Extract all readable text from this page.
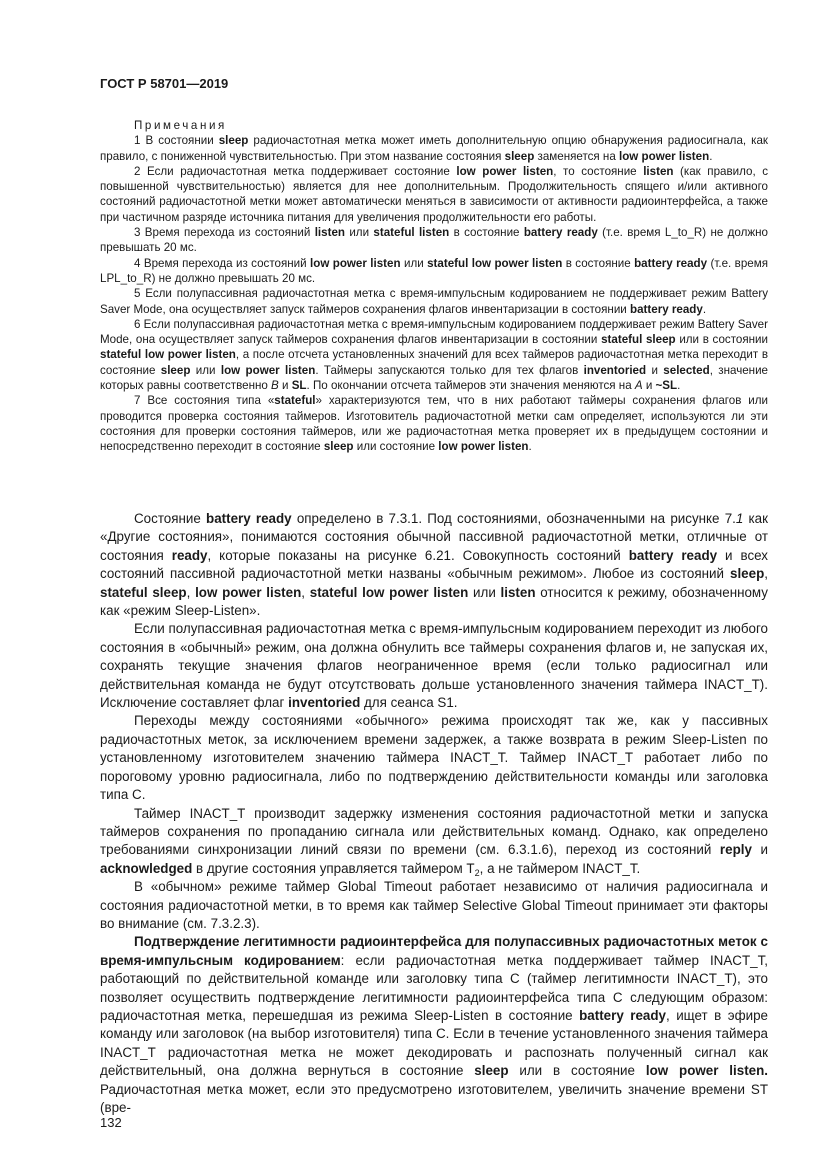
ГОСТ Р 58701—2019
Примечания

1 В состоянии sleep радиочастотная метка может иметь дополнительную опцию обнаружения радиосигнала, как правило, с пониженной чувствительностью. При этом название состояния sleep заменяется на low power listen.

2 Если радиочастотная метка поддерживает состояние low power listen, то состояние listen (как правило, с повышенной чувствительностью) является для нее дополнительным. Продолжительность спящего и/или активного состояний радиочастотной метки может автоматически меняться в зависимости от активности радиоинтерфейса, а также при частичном разряде источника питания для увеличения продолжительности его работы.

3 Время перехода из состояний listen или stateful listen в состояние battery ready (т.е. время L_to_R) не должно превышать 20 мс.

4 Время перехода из состояний low power listen или stateful low power listen в состояние battery ready (т.е. время LPL_to_R) не должно превышать 20 мс.

5 Если полупассивная радиочастотная метка с время-импульсным кодированием не поддерживает режим Battery Saver Mode, она осуществляет запуск таймеров сохранения флагов инвентаризации в состоянии battery ready.

6 Если полупассивная радиочастотная метка с время-импульсным кодированием поддерживает режим Battery Saver Mode, она осуществляет запуск таймеров сохранения флагов инвентаризации в состоянии stateful sleep или в состоянии stateful low power listen, а после отсчета установленных значений для всех таймеров радиочастотная метка переходит в состояние sleep или low power listen. Таймеры запускаются только для тех флагов inventoried и selected, значение которых равны соответственно B и SL. По окончании отсчета таймеров эти значения меняются на A и ~SL.

7 Все состояния типа «stateful» характеризуются тем, что в них работают таймеры сохранения флагов или проводится проверка состояния таймеров. Изготовитель радиочастотной метки сам определяет, используются ли эти состояния для проверки состояния таймеров, или же радиочастотная метка проверяет их в предыдущем состоянии и непосредственно переходит в состояние sleep или состояние low power listen.

Состояние battery ready определено в 7.3.1. Под состояниями, обозначенными на рисунке 7.1 как «Другие состояния», понимаются состояния обычной пассивной радиочастотной метки, отличные от состояния ready, которые показаны на рисунке 6.21. Совокупность состояний battery ready и всех состояний пассивной радиочастотной метки названы «обычным режимом». Любое из состояний sleep, stateful sleep, low power listen, stateful low power listen или listen относится к режиму, обозначенному как «режим Sleep-Listen».

Если полупассивная радиочастотная метка с время-импульсным кодированием переходит из любого состояния в «обычный» режим, она должна обнулить все таймеры сохранения флагов и, не запуская их, сохранять текущие значения флагов неограниченное время (если только радиосигнал или действительная команда не будут отсутствовать дольше установленного значения таймера INACT_T). Исключение составляет флаг inventoried для сеанса S1.

Переходы между состояниями «обычного» режима происходят так же, как у пассивных радиочастотных меток, за исключением времени задержек, а также возврата в режим Sleep-Listen по установленному изготовителем значению таймера INACT_T. Таймер INACT_T работает либо по пороговому уровню радиосигнала, либо по подтверждению действительности команды или заголовка типа С.

Таймер INACT_T производит задержку изменения состояния радиочастотной метки и запуска таймеров сохранения по пропаданию сигнала или действительных команд. Однако, как определено требованиями синхронизации линий связи по времени (см. 6.3.1.6), переход из состояний reply и acknowledged в другие состояния управляется таймером $T_2$, а не таймером INACT_T.

В «обычном» режиме таймер Global Timeout работает независимо от наличия радиосигнала и состояния радиочастотной метки, в то время как таймер Selective Global Timeout принимает эти факторы во внимание (см. 7.3.2.3).

Подтверждение легитимности радиоинтерфейса для полупассивных радиочастотных меток с время-импульсным кодированием: если радиочастотная метка поддерживает таймер INACT_T, работающий по действительной команде или заголовку типа С (таймер легитимности INACT_T), это позволяет осуществить подтверждение легитимности радиоинтерфейса типа С следующим образом: радиочастотная метка, перешедшая из режима Sleep-Listen в состояние battery ready, ищет в эфире команду или заголовок (на выбор изготовителя) типа С. Если в течение установленного значения таймера INACT_T радиочастотная метка не может декодировать и распознать полученный сигнал как действительный, она должна вернуться в состояние sleep или в состояние low power listen. Радиочастотная метка может, если это предусмотрено изготовителем, увеличить значение времени ST (вре-

132
